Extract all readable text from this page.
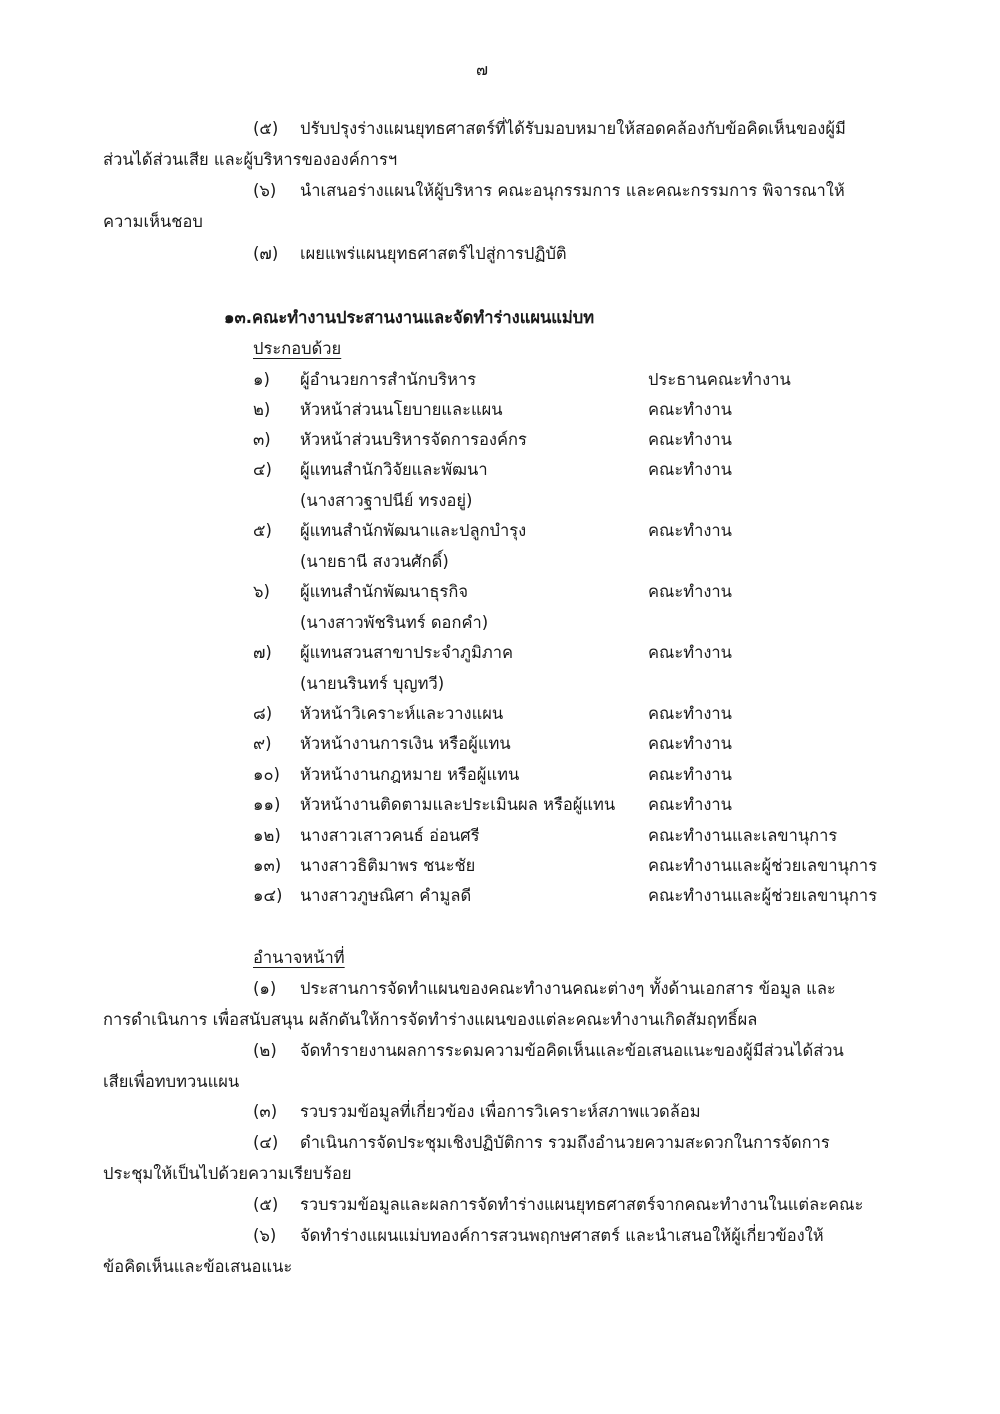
๗
(๕) ปรับปรุงร่างแผนยุทธศาสตร์ที่ได้รับมอบหมายให้สอดคล้องกับข้อคิดเห็นของผู้มี
ส่วนได้ส่วนเสีย และผู้บริหารขององค์การฯ
(๖) นำเสนอร่างแผนให้ผู้บริหาร คณะอนุกรรมการ และคณะกรรมการ พิจารณาให้
ความเห็นชอบ
(๗) เผยแพร่แผนยุทธศาสตร์ไปสู่การปฏิบัติ
๑๓.คณะทำงานประสานงานและจัดทำร่างแผนแม่บท
ประกอบด้วย
๑)	ผู้อำนวยการสำนักบริหาร	ประธานคณะทำงาน
๒)	หัวหน้าส่วนนโยบายและแผน	คณะทำงาน
๓)	หัวหน้าส่วนบริหารจัดการองค์กร	คณะทำงาน
๔)	ผู้แทนสำนักวิจัยและพัฒนา	คณะทำงาน
(นางสาวฐาปนีย์ ทรงอยู่)
๕)	ผู้แทนสำนักพัฒนาและปลูกบำรุง	คณะทำงาน
(นายธานี สงวนศักดิ์)
๖)	ผู้แทนสำนักพัฒนาธุรกิจ	คณะทำงาน
(นางสาวพัชรินทร์ ดอกคำ)
๗)	ผู้แทนสวนสาขาประจำภูมิภาค	คณะทำงาน
(นายนรินทร์ บุญทวี)
๘)	หัวหน้าวิเคราะห์และวางแผน	คณะทำงาน
๙)	หัวหน้างานการเงิน หรือผู้แทน	คณะทำงาน
๑๐)	หัวหน้างานกฎหมาย หรือผู้แทน	คณะทำงาน
๑๑)	หัวหน้างานติดตามและประเมินผล หรือผู้แทน คณะทำงาน
๑๒)	นางสาวเสาวคนธ์ อ่อนศรี	คณะทำงานและเลขานุการ
๑๓)	นางสาวธิติมาพร ชนะชัย	คณะทำงานและผู้ช่วยเลขานุการ
๑๔)	นางสาวภูษณิศา คำมูลดี	คณะทำงานและผู้ช่วยเลขานุการ
อำนาจหน้าที่
(๑) ประสานการจัดทำแผนของคณะทำงานคณะต่างๆ ทั้งด้านเอกสาร ข้อมูล และ
การดำเนินการ เพื่อสนับสนุน ผลักดันให้การจัดทำร่างแผนของแต่ละคณะทำงานเกิดสัมฤทธิ์ผล
(๒) จัดทำรายงานผลการระดมความข้อคิดเห็นและข้อเสนอแนะของผู้มีส่วนได้ส่วน
เสียเพื่อทบทวนแผน
(๓) รวบรวมข้อมูลที่เกี่ยวข้อง เพื่อการวิเคราะห์สภาพแวดล้อม
(๔) ดำเนินการจัดประชุมเชิงปฏิบัติการ รวมถึงอำนวยความสะดวกในการจัดการ
ประชุมให้เป็นไปด้วยความเรียบร้อย
(๕) รวบรวมข้อมูลและผลการจัดทำร่างแผนยุทธศาสตร์จากคณะทำงานในแต่ละคณะ
(๖) จัดทำร่างแผนแม่บทองค์การสวนพฤกษศาสตร์ และนำเสนอให้ผู้เกี่ยวข้องให้
ข้อคิดเห็นและข้อเสนอแนะ
